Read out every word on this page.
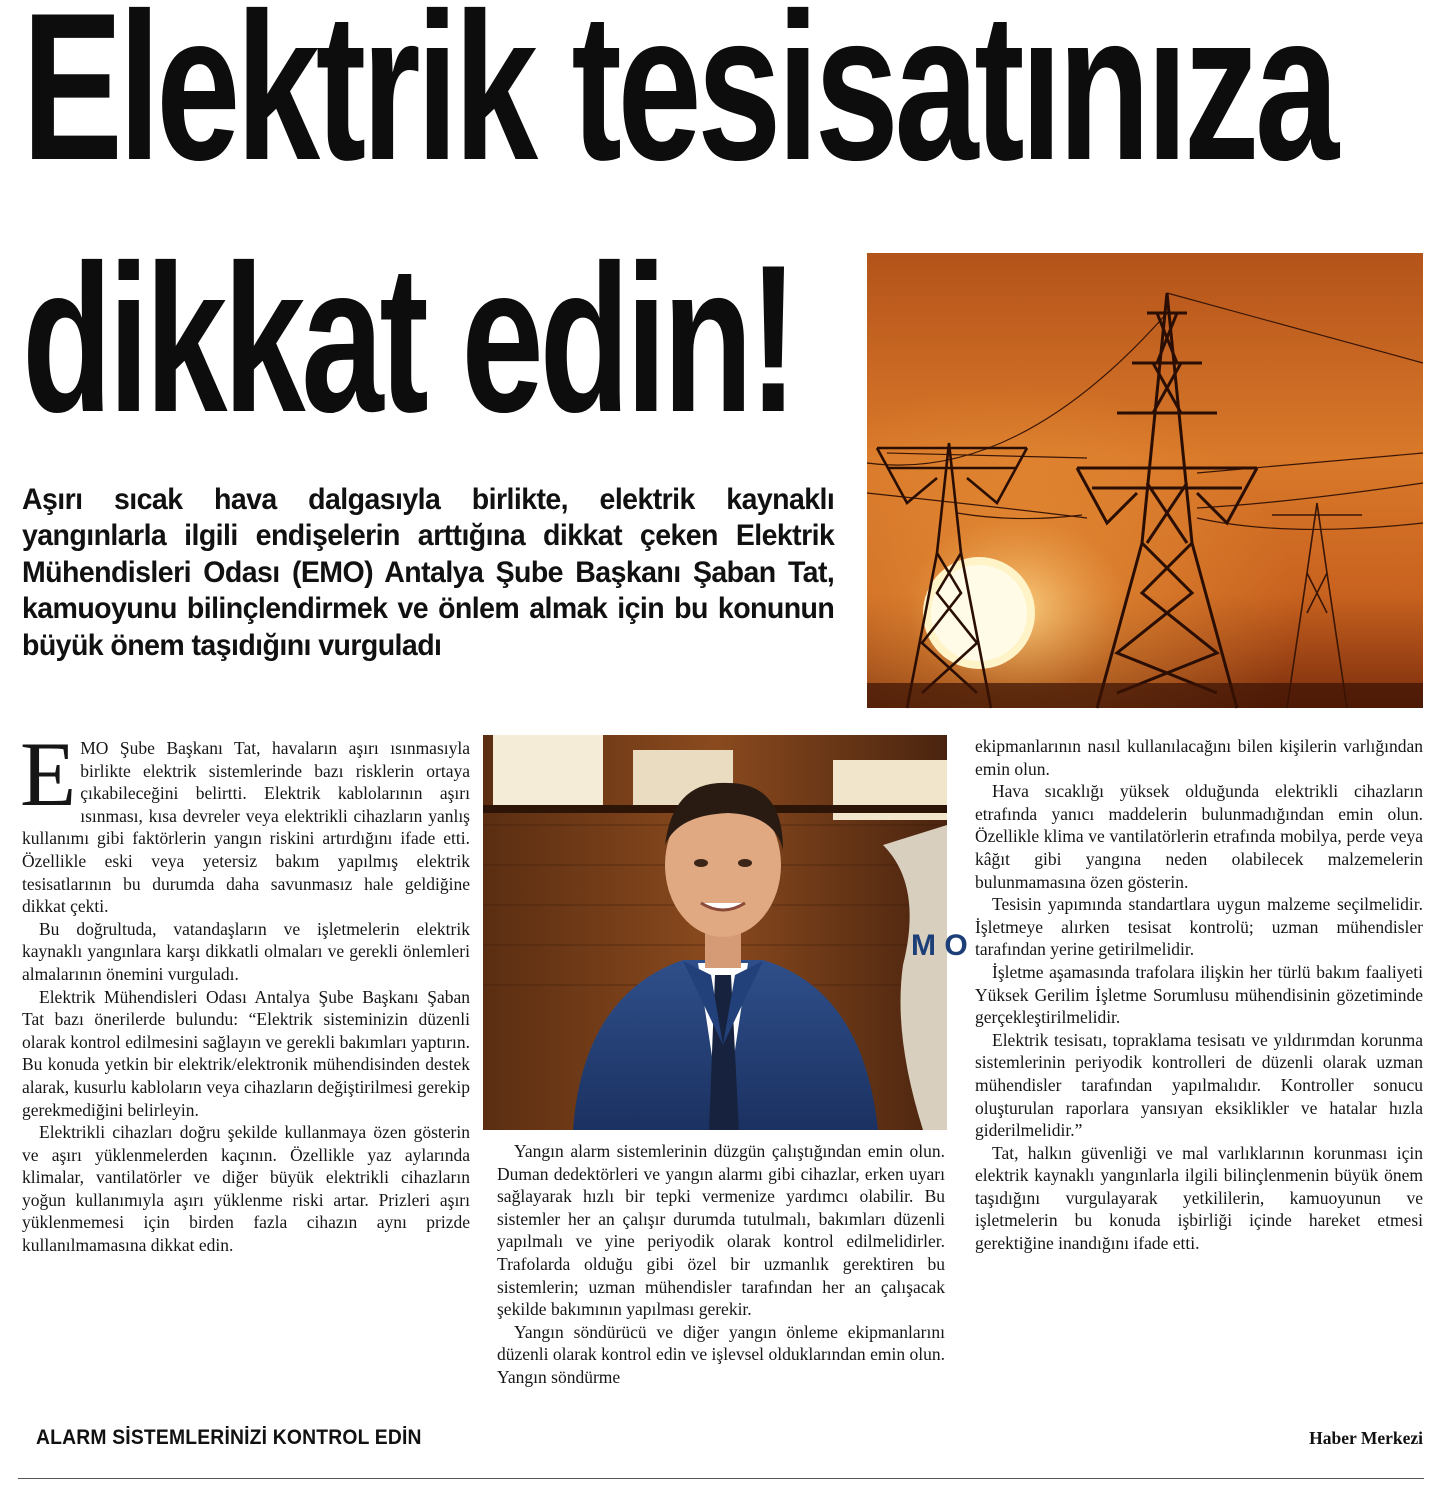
Elektrik tesisatınıza
dikkat edin!
M O

Aşırı sıcak hava dalgasıyla birlikte, elektrik kaynaklı yangınlarla ilgili endişelerin arttığına dikkat çeken Elektrik Mühendisleri Odası (EMO) Antalya Şube Başkanı Şaban Tat, kamuoyunu bilinçlendirmek ve önlem almak için bu konunun büyük önem taşıdığını vurguladı

EMO Şube Başkanı Tat, havaların aşırı ısınmasıyla birlikte elektrik sistemlerinde bazı risklerin ortaya çıkabileceğini belirtti. Elektrik kablolarının aşırı ısınması, kısa devreler veya elektrikli cihazların yanlış kullanımı gibi faktörlerin yangın riskini artırdığını ifade etti. Özellikle eski veya yetersiz bakım yapılmış elektrik tesisatlarının bu durumda daha savunmasız hale geldiğine dikkat çekti.

Bu doğrultuda, vatandaşların ve işletmelerin elektrik kaynaklı yangınlara karşı dikkatli olmaları ve gerekli önlemleri almalarının önemini vurguladı.

Elektrik Mühendisleri Odası Antalya Şube Başkanı Şaban Tat bazı önerilerde bulundu: “Elektrik sisteminizin düzenli olarak kontrol edilmesini sağlayın ve gerekli bakımları yaptırın. Bu konuda yetkin bir elektrik/elektronik mühendisinden destek alarak, kusurlu kabloların veya cihazların değiştirilmesi gerekip gerekmediğini belirleyin.

Elektrikli cihazları doğru şekilde kullanmaya özen gösterin ve aşırı yüklenmelerden kaçının. Özellikle yaz aylarında klimalar, vantilatörler ve diğer büyük elektrikli cihazların yoğun kullanımıyla aşırı yüklenme riski artar. Prizleri aşırı yüklenmemesi için birden fazla cihazın aynı prizde kullanılmamasına dikkat edin.

ALARM SİSTEMLERİNİZİ KONTROL EDİN

Yangın alarm sistemlerinin düzgün çalıştığından emin olun. Duman dedektörleri ve yangın alarmı gibi cihazlar, erken uyarı sağlayarak hızlı bir tepki vermenize yardımcı olabilir. Bu sistemler her an çalışır durumda tutulmalı, bakımları düzenli yapılmalı ve yine periyodik olarak kontrol edilmelidirler. Trafolarda olduğu gibi özel bir uzmanlık gerektiren bu sistemlerin; uzman mühendisler tarafından her an çalışacak şekilde bakımının yapılması gerekir.

Yangın söndürücü ve diğer yangın önleme ekipmanlarını düzenli olarak kontrol edin ve işlevsel olduklarından emin olun. Yangın söndürme

ekipmanlarının nasıl kullanılacağını bilen kişilerin varlığından emin olun.

Hava sıcaklığı yüksek olduğunda elektrikli cihazların etrafında yanıcı maddelerin bulunmadığından emin olun. Özellikle klima ve vantilatörlerin etrafında mobilya, perde veya kâğıt gibi yangına neden olabilecek malzemelerin bulunmamasına özen gösterin.

Tesisin yapımında standartlara uygun malzeme seçilmelidir. İşletmeye alırken tesisat kontrolü; uzman mühendisler tarafından yerine getirilmelidir.

İşletme aşamasında trafolara ilişkin her türlü bakım faaliyeti Yüksek Gerilim İşletme Sorumlusu mühendisinin gözetiminde gerçekleştirilmelidir.

Elektrik tesisatı, topraklama tesisatı ve yıldırımdan korunma sistemlerinin periyodik kontrolleri de düzenli olarak uzman mühendisler tarafından yapılmalıdır. Kontroller sonucu oluşturulan raporlara yansıyan eksiklikler ve hatalar hızla giderilmelidir.”

Tat, halkın güvenliği ve mal varlıklarının korunması için elektrik kaynaklı yangınlarla ilgili bilinçlenmenin büyük önem taşıdığını vurgulayarak yetkililerin, kamuoyunun ve işletmelerin bu konuda işbirliği içinde hareket etmesi gerektiğine inandığını ifade etti.

Haber Merkezi
